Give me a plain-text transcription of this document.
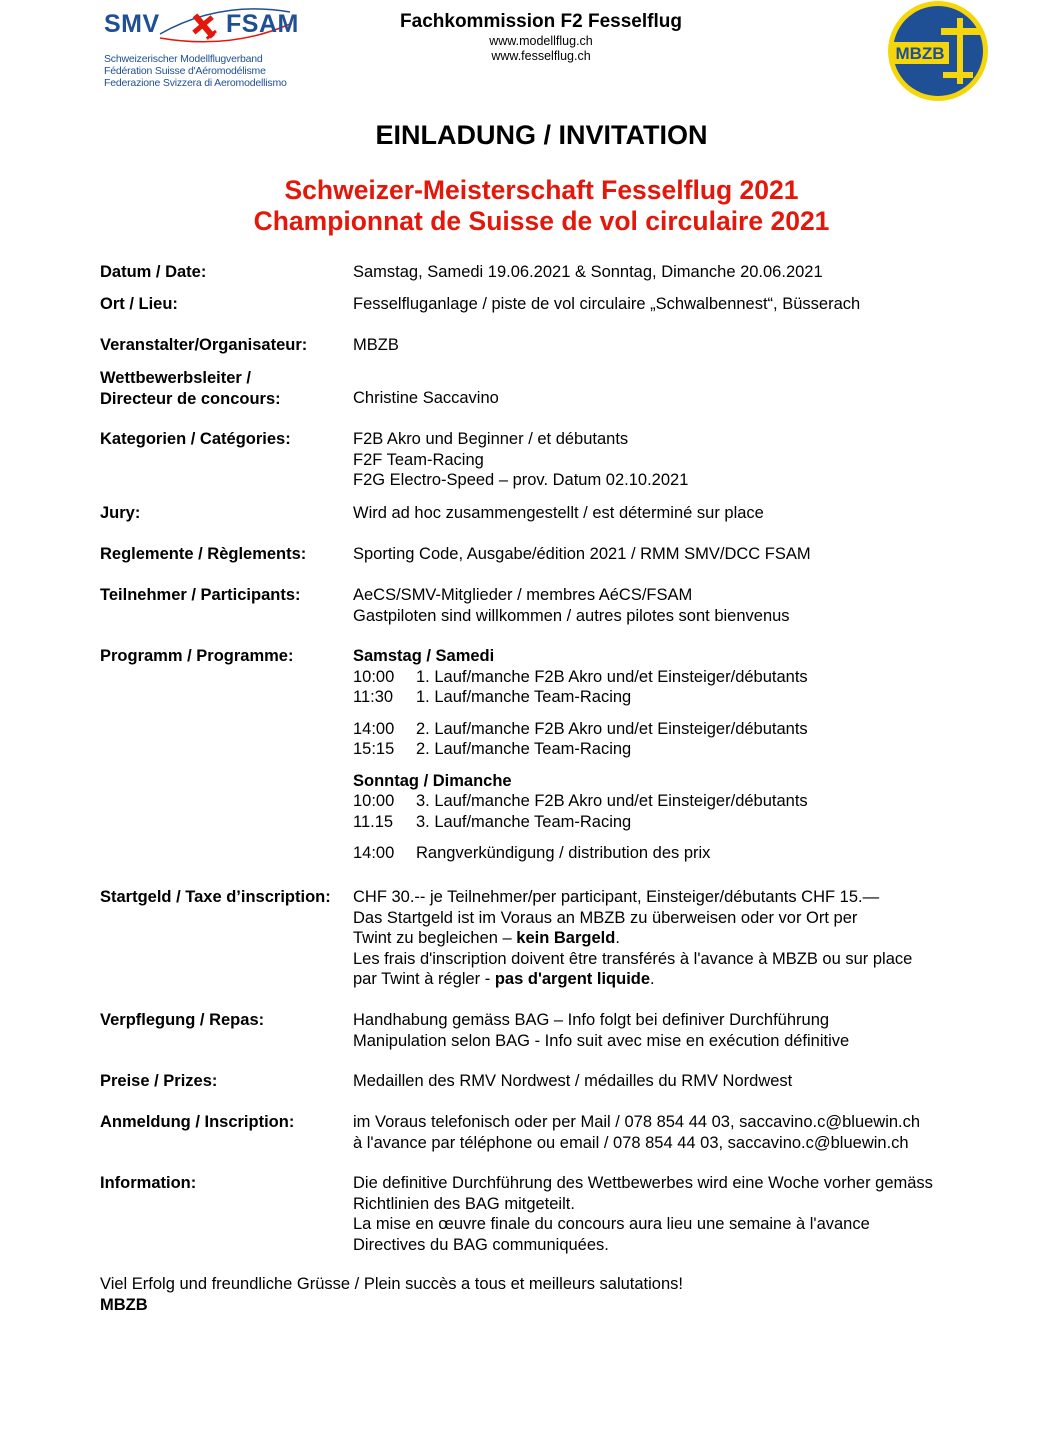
SMV	FSAM
Schweizerischer Modellflugverband
Fédération Suisse d'Aéromodélisme
Federazione Svizzera di Aeromodellismo
Fachkommission F2 Fesselflug
www.modellflug.ch
www.fesselflug.ch	MBZB
EINLADUNG / INVITATION
Schweizer-Meisterschaft Fesselflug 2021
Championnat de Suisse de vol circulaire 2021
Datum / Date:	Samstag, Samedi 19.06.2021 & Sonntag, Dimanche 20.06.2021
Ort / Lieu:	Fesselfluganlage / piste de vol circulaire „Schwalbennest“, Büsserach
Veranstalter/Organisateur:	MBZB
Wettbewerbsleiter /
Directeur de concours:	Christine Saccavino
Kategorien / Catégories:	F2B Akro und Beginner / et débutants
F2F Team-Racing
F2G Electro-Speed – prov. Datum 02.10.2021
Jury:	Wird ad hoc zusammengestellt / est déterminé sur place
Reglemente / Règlements:	Sporting Code, Ausgabe/édition 2021 / RMM SMV/DCC FSAM
Teilnehmer / Participants:	AeCS/SMV-Mitglieder / membres AéCS/FSAM
Gastpiloten sind willkommen / autres pilotes sont bienvenus
Programm / Programme:	Samstag / Samedi
10:00	1. Lauf/manche F2B Akro und/et Einsteiger/débutants
11:30	1. Lauf/manche Team-Racing
14:00	2. Lauf/manche F2B Akro und/et Einsteiger/débutants
15:15	2. Lauf/manche Team-Racing
Sonntag / Dimanche
10:00	3. Lauf/manche F2B Akro und/et Einsteiger/débutants
11.15	3. Lauf/manche Team-Racing
14:00	Rangverkündigung / distribution des prix
Startgeld / Taxe d’inscription: CHF 30.-- je Teilnehmer/per participant, Einsteiger/débutants CHF 15.—
Das Startgeld ist im Voraus an MBZB zu überweisen oder vor Ort per
Twint zu begleichen – kein Bargeld.
Les frais d'inscription doivent être transférés à l'avance à MBZB ou sur place
par Twint à régler - pas d'argent liquide.
Verpflegung / Repas:	Handhabung gemäss BAG – Info folgt bei definiver Durchführung
Manipulation selon BAG - Info suit avec mise en exécution définitive
Preise / Prizes:	Medaillen des RMV Nordwest / médailles du RMV Nordwest
Anmeldung / Inscription:	im Voraus telefonisch oder per Mail / 078 854 44 03, saccavino.c@bluewin.ch
à l'avance par téléphone ou email / 078 854 44 03, saccavino.c@bluewin.ch
Information:	Die definitive Durchführung des Wettbewerbes wird eine Woche vorher gemäss
Richtlinien des BAG mitgeteilt.
La mise en œuvre finale du concours aura lieu une semaine à l'avance
Directives du BAG communiquées.
Viel Erfolg und freundliche Grüsse / Plein succès a tous et meilleurs salutations!
MBZB
